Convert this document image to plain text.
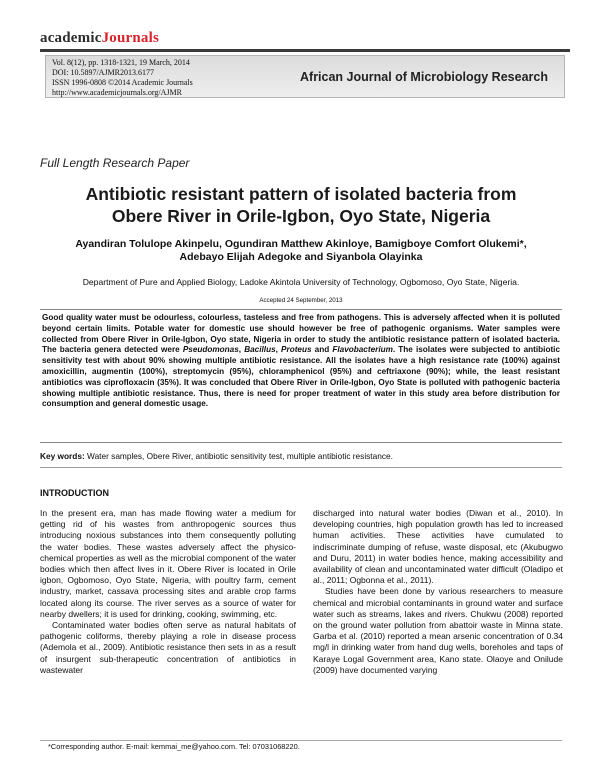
academicJournals
Vol. 8(12), pp. 1318-1321, 19 March, 2014
DOI: 10.5897/AJMR2013.6177
ISSN 1996-0808 ©2014 Academic Journals
http://www.academicjournals.org/AJMR
African Journal of Microbiology Research
Full Length Research Paper
Antibiotic resistant pattern of isolated bacteria from
Obere River in Orile-Igbon, Oyo State, Nigeria
Ayandiran Tolulope Akinpelu, Ogundiran Matthew Akinloye, Bamigboye Comfort Olukemi*,
Adebayo Elijah Adegoke and Siyanbola Olayinka
Department of Pure and Applied Biology, Ladoke Akintola University of Technology, Ogbomoso, Oyo State, Nigeria.
Accepted 24 September, 2013
Good quality water must be odourless, colourless, tasteless and free from pathogens. This is adversely affected when it is polluted beyond certain limits. Potable water for domestic use should however be free of pathogenic organisms. Water samples were collected from Obere River in Orile-Igbon, Oyo state, Nigeria in order to study the antibiotic resistance pattern of isolated bacteria. The bacteria genera detected were Pseudomonas, Bacillus, Proteus and Flavobacterium. The isolates were subjected to antibiotic sensitivity test with about 90% showing multiple antibiotic resistance. All the isolates have a high resistance rate (100%) against amoxicillin, augmentin (100%), streptomycin (95%), chloramphenicol (95%) and ceftriaxone (90%); while, the least resistant antibiotics was ciprofloxacin (35%). It was concluded that Obere River in Orile-Igbon, Oyo State is polluted with pathogenic bacteria showing multiple antibiotic resistance. Thus, there is need for proper treatment of water in this study area before distribution for consumption and general domestic usage.
Key words: Water samples, Obere River, antibiotic sensitivity test, multiple antibiotic resistance.
INTRODUCTION

In the present era, man has made flowing water a medium for getting rid of his wastes from anthropogenic sources thus introducing noxious substances into them consequently polluting the water bodies. These wastes adversely affect the physico-chemical properties as well as the microbial component of the water bodies which then affect lives in it. Obere River is located in Orile igbon, Ogbomoso, Oyo State, Nigeria, with poultry farm, cement industry, market, cassava processing sites and arable crop farms located along its course. The river serves as a source of water for nearby dwellers; it is used for drinking, cooking, swimming, etc.

Contaminated water bodies often serve as natural habitats of pathogenic coliforms, thereby playing a role in disease process (Ademola et al., 2009). Antibiotic resistance then sets in as a result of insurgent sub-therapeutic concentration of antibiotics in wastewater

discharged into natural water bodies (Diwan et al., 2010). In developing countries, high population growth has led to increased human activities. These activities have cumulated to indiscriminate dumping of refuse, waste disposal, etc (Akubugwo and Duru, 2011) in water bodies hence, making accessibility and availability of clean and uncontaminated water difficult (Oladipo et al., 2011; Ogbonna et al., 2011).

Studies have been done by various researchers to measure chemical and microbial contaminants in ground water and surface water such as streams, lakes and rivers. Chukwu (2008) reported on the ground water pollution from abattoir waste in Minna state. Garba et al. (2010) reported a mean arsenic concentration of 0.34 mg/l in drinking water from hand dug wells, boreholes and taps of Karaye Logal Government area, Kano state. Olaoye and Onilude (2009) have documented varying

*Corresponding author. E-mail: kemmai_me@yahoo.com. Tel: 07031068220.
